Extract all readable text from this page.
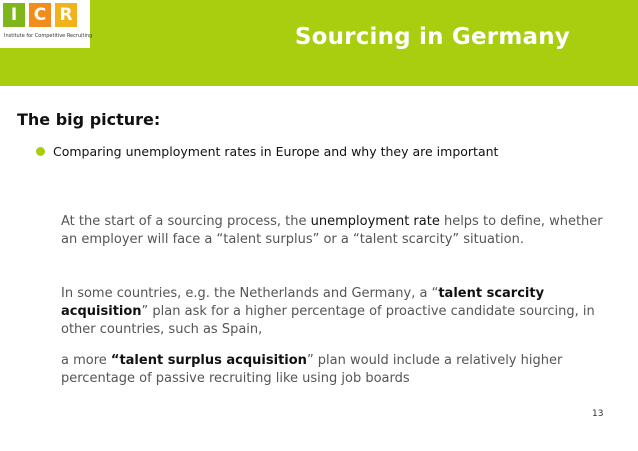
I C R
Institute for Competitive Recruiting	Sourcing in Germany
The big picture:
Comparing unemployment rates in Europe and why they are important
At the start of a sourcing process, the unemployment rate helps to define, whether an employer will face a “talent surplus” or a “talent scarcity” situation.
In some countries, e.g. the Netherlands and Germany, a “talent scarcity acquisition” plan ask for a higher percentage of proactive candidate sourcing, in other countries, such as Spain,
a more “talent surplus acquisition” plan would include a relatively higher percentage of passive recruiting like using job boards
13
